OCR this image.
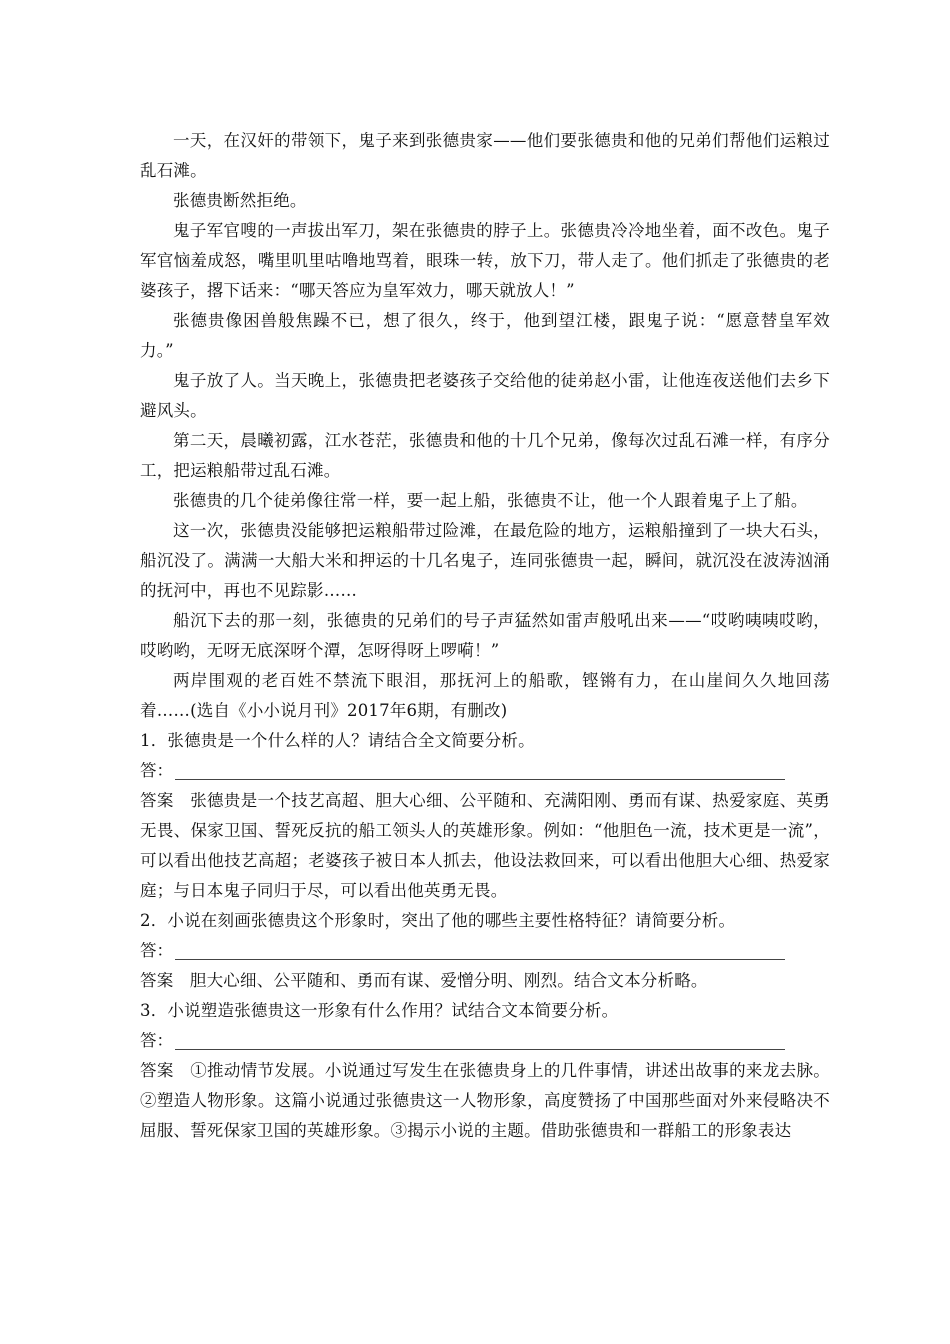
一天，在汉奸的带领下，鬼子来到张德贵家——他们要张德贵和他的兄弟们帮他们运粮过乱石滩。

张德贵断然拒绝。

鬼子军官嗖的一声拔出军刀，架在张德贵的脖子上。张德贵冷冷地坐着，面不改色。鬼子军官恼羞成怒，嘴里叽里咕噜地骂着，眼珠一转，放下刀，带人走了。他们抓走了张德贵的老婆孩子，撂下话来：“哪天答应为皇军效力，哪天就放人！”

张德贵像困兽般焦躁不已，想了很久，终于，他到望江楼，跟鬼子说：“愿意替皇军效力。”

鬼子放了人。当天晚上，张德贵把老婆孩子交给他的徒弟赵小雷，让他连夜送他们去乡下避风头。

第二天，晨曦初露，江水苍茫，张德贵和他的十几个兄弟，像每次过乱石滩一样，有序分工，把运粮船带过乱石滩。

张德贵的几个徒弟像往常一样，要一起上船，张德贵不让，他一个人跟着鬼子上了船。

这一次，张德贵没能够把运粮船带过险滩，在最危险的地方，运粮船撞到了一块大石头，船沉没了。满满一大船大米和押运的十几名鬼子，连同张德贵一起，瞬间，就沉没在波涛汹涌的抚河中，再也不见踪影……

船沉下去的那一刻，张德贵的兄弟们的号子声猛然如雷声般吼出来——“哎哟咦咦哎哟，哎哟哟，无呀无底深呀个潭，怎呀得呀上啰嗬！”

两岸围观的老百姓不禁流下眼泪，那抚河上的船歌，铿锵有力，在山崖间久久地回荡着……(选自《小小说月刊》2017年6期，有删改)

1．张德贵是一个什么样的人？请结合全文简要分析。

答：

答案 张德贵是一个技艺高超、胆大心细、公平随和、充满阳刚、勇而有谋、热爱家庭、英勇无畏、保家卫国、誓死反抗的船工领头人的英雄形象。例如：“他胆色一流，技术更是一流”，可以看出他技艺高超；老婆孩子被日本人抓去，他设法救回来，可以看出他胆大心细、热爱家庭；与日本鬼子同归于尽，可以看出他英勇无畏。

2．小说在刻画张德贵这个形象时，突出了他的哪些主要性格特征？请简要分析。

答：

答案 胆大心细、公平随和、勇而有谋、爱憎分明、刚烈。结合文本分析略。

3．小说塑造张德贵这一形象有什么作用？试结合文本简要分析。

答：

答案 ①推动情节发展。小说通过写发生在张德贵身上的几件事情，讲述出故事的来龙去脉。②塑造人物形象。这篇小说通过张德贵这一人物形象，高度赞扬了中国那些面对外来侵略决不屈服、誓死保家卫国的英雄形象。③揭示小说的主题。借助张德贵和一群船工的形象表达
